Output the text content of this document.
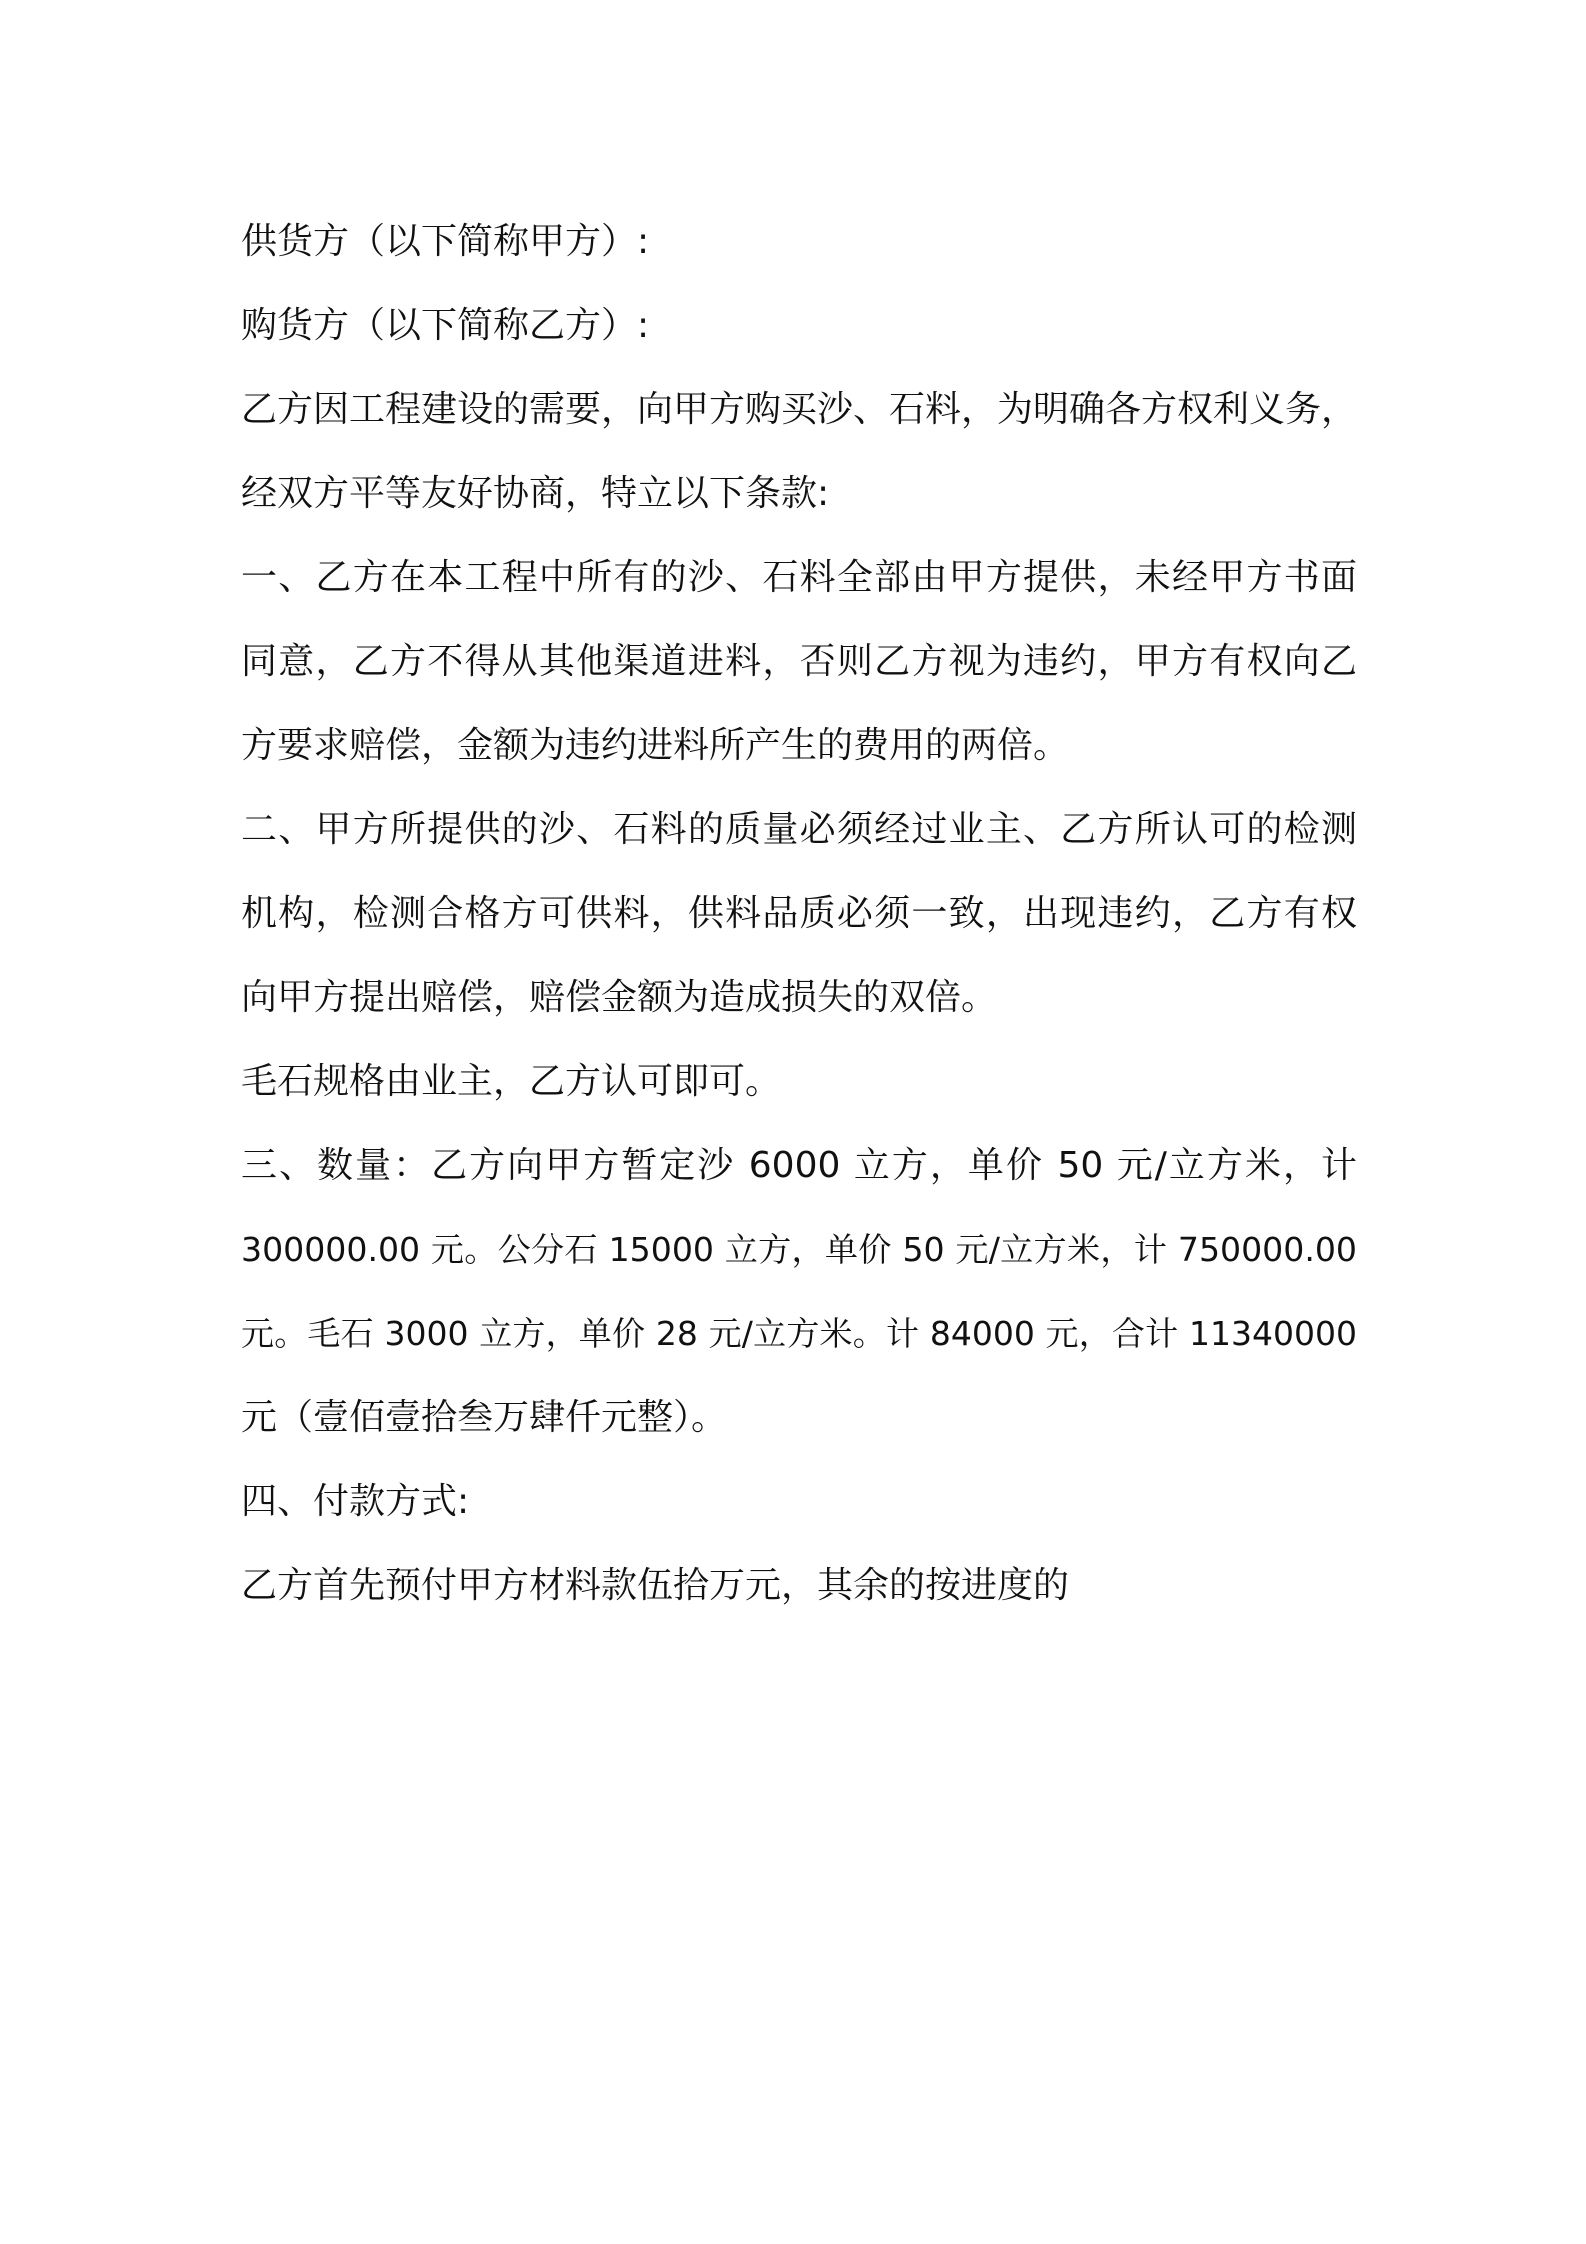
供货方（以下简称甲方）:
购货方（以下简称乙方）:
乙方因工程建设的需要，向甲方购买沙、石料，为明确各方权利义务，
经双方平等友好协商，特立以下条款:
一、乙方在本工程中所有的沙、石料全部由甲方提供，未经甲方书面
同意，乙方不得从其他渠道进料，否则乙方视为违约，甲方有权向乙
方要求赔偿，金额为违约进料所产生的费用的两倍。
二、甲方所提供的沙、石料的质量必须经过业主、乙方所认可的检测
机构，检测合格方可供料，供料品质必须一致，出现违约，乙方有权
向甲方提出赔偿，赔偿金额为造成损失的双倍。
毛石规格由业主，乙方认可即可。
三、数量：乙方向甲方暂定沙 6000 立方，单价 50 元/立方米，计
300000.00 元。公分石 15000 立方，单价 50 元/立方米，计 750000.00
元。毛石 3000 立方，单价 28 元/立方米。计 84000 元，合计 11340000
元（壹佰壹拾叁万肆仟元整）。
四、付款方式:
乙方首先预付甲方材料款伍拾万元，其余的按进度的
